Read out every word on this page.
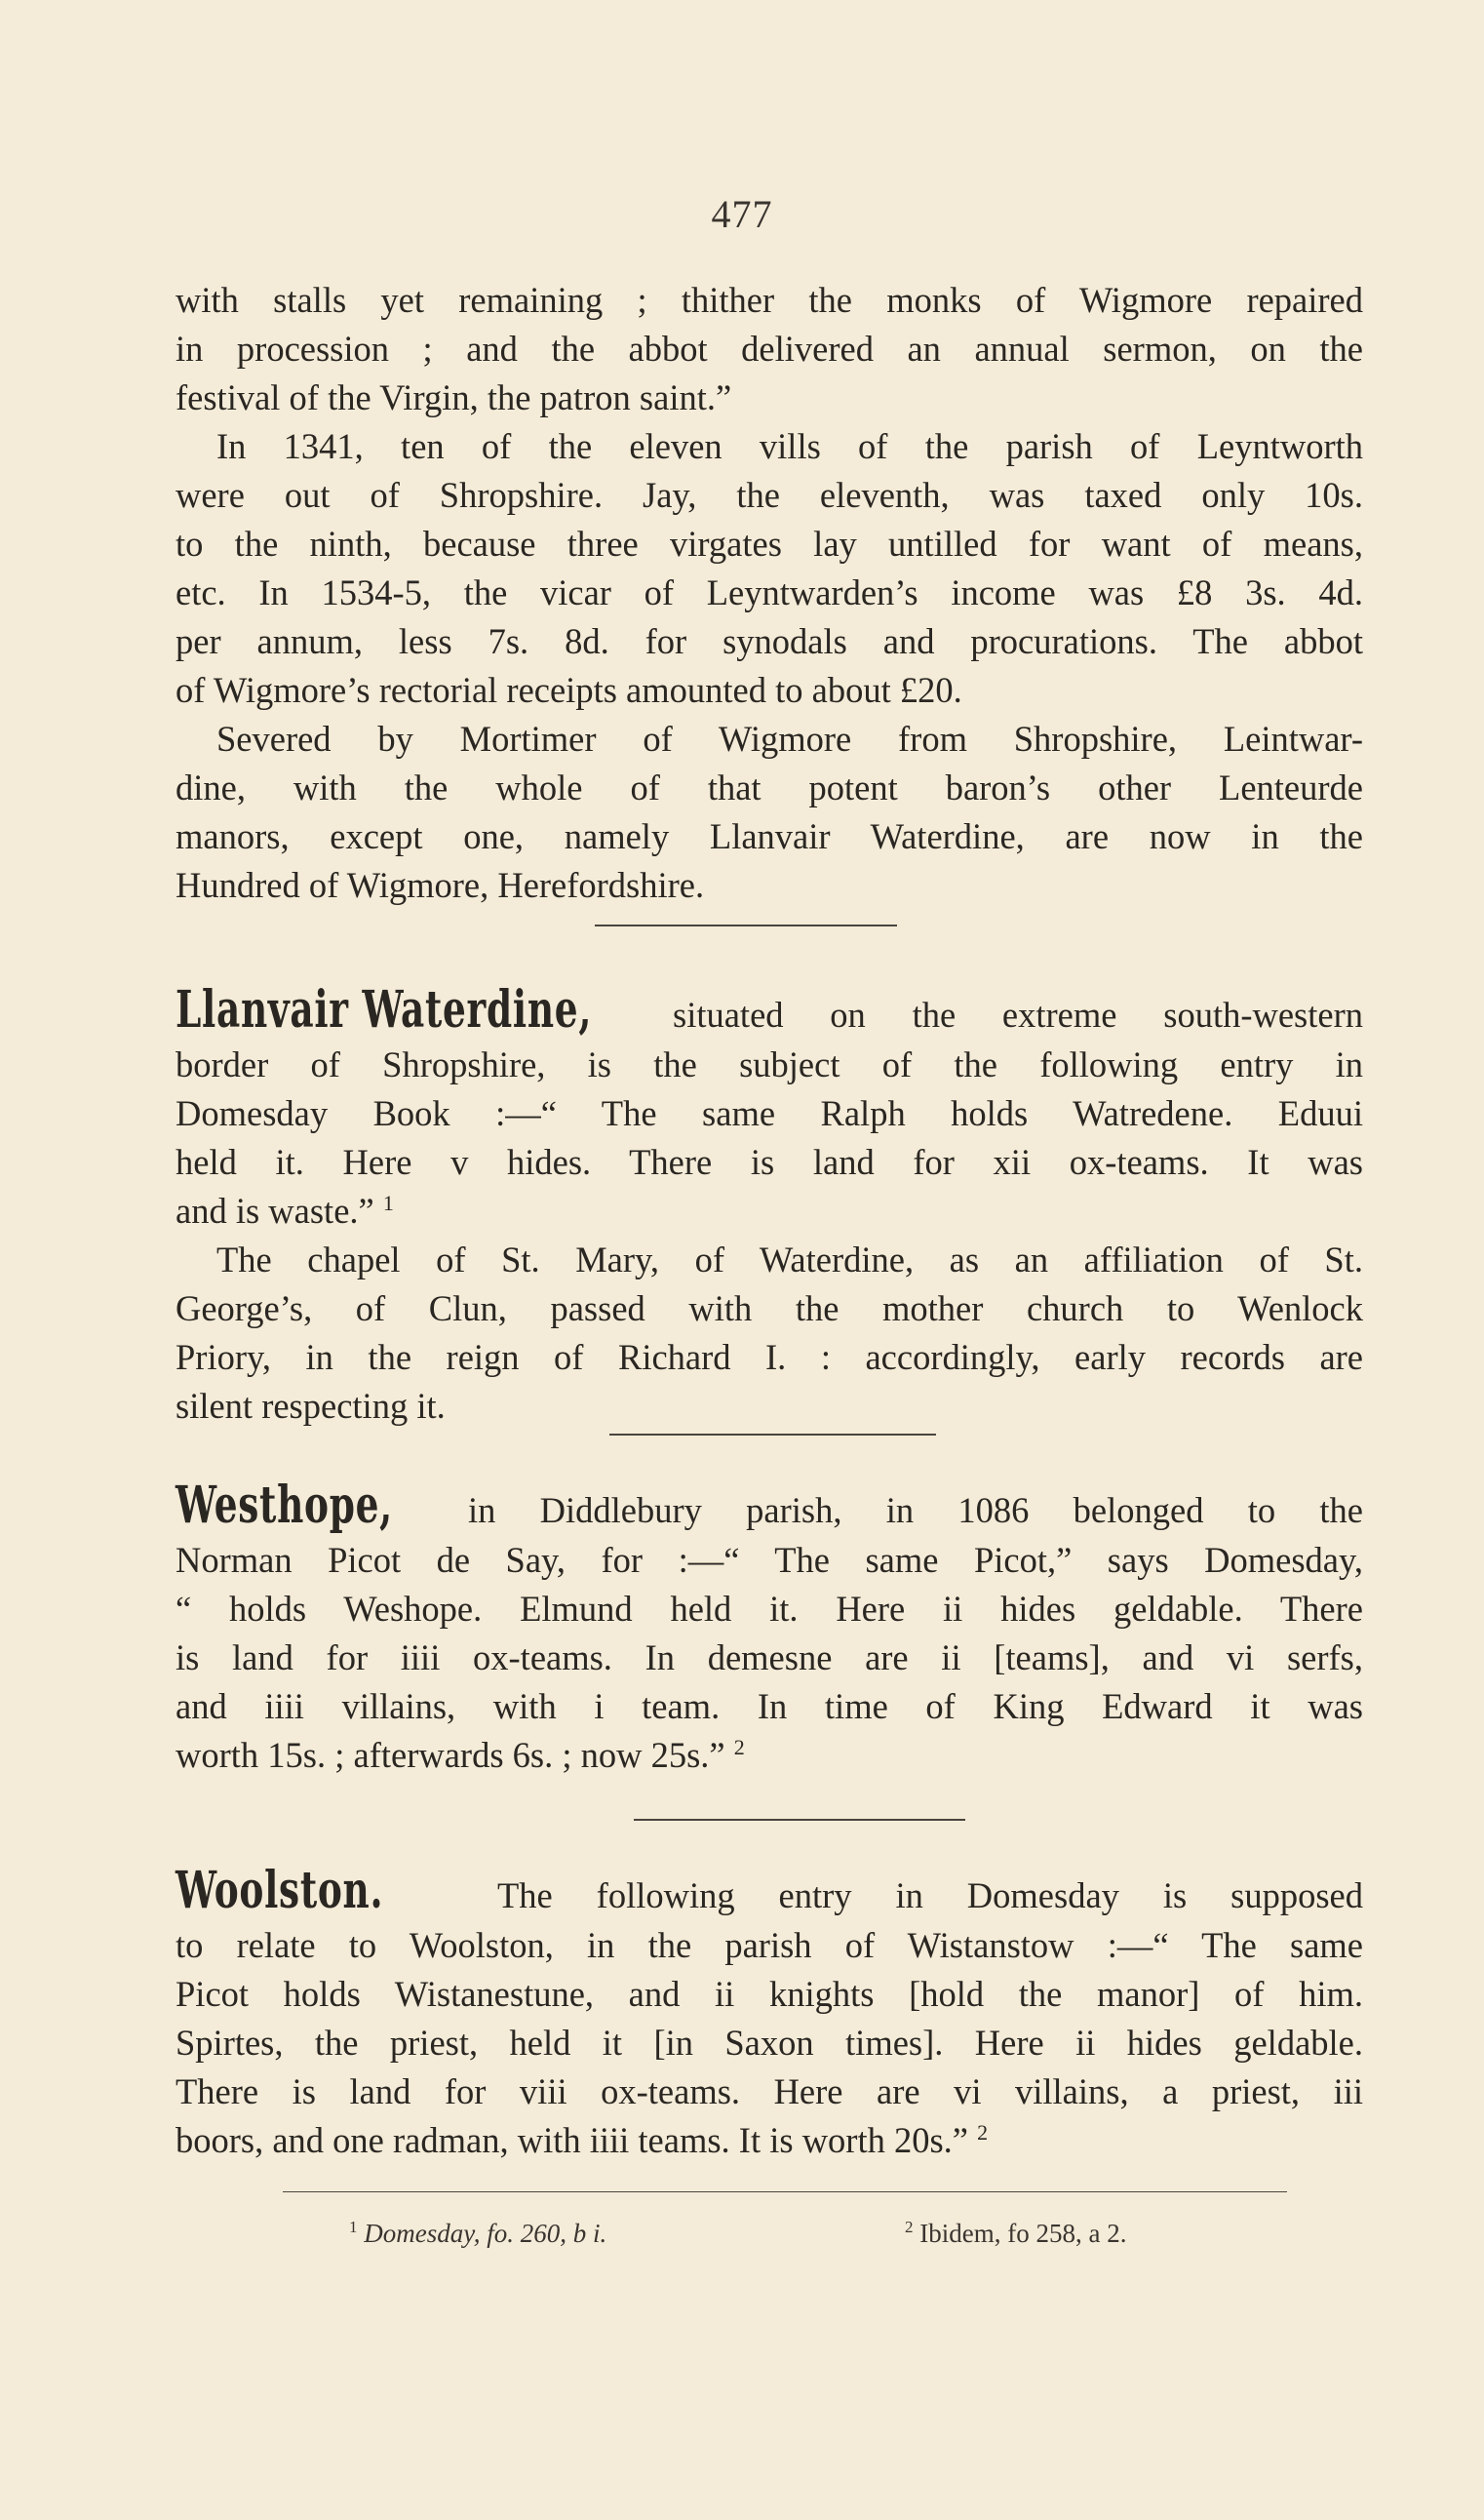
477
with stalls yet remaining ; thither the monks of Wigmore repaired
in procession ; and the abbot delivered an annual sermon, on the
festival of the Virgin, the patron saint.”
In 1341, ten of the eleven vills of the parish of Leyntworth
were out of Shropshire. Jay, the eleventh, was taxed only 10s.
to the ninth, because three virgates lay untilled for want of means,
etc. In 1534-5, the vicar of Leyntwarden’s income was £8 3s. 4d.
per annum, less 7s. 8d. for synodals and procurations. The abbot
of Wigmore’s rectorial receipts amounted to about £20.
Severed by Mortimer of Wigmore from Shropshire, Leintwar-
dine, with the whole of that potent baron’s other Lenteurde
manors, except one, namely Llanvair Waterdine, are now in the
Hundred of Wigmore, Herefordshire.
Llanvair Waterdine, situated on the extreme south-western
border of Shropshire, is the subject of the following entry in
Domesday Book :—“ The same Ralph holds Watredene. Eduui
held it. Here v hides. There is land for xii ox-teams. It was
and is waste.” $^1$
The chapel of St. Mary, of Waterdine, as an affiliation of St.
George’s, of Clun, passed with the mother church to Wenlock
Priory, in the reign of Richard I. : accordingly, early records are
silent respecting it.
Westhope, in Diddlebury parish, in 1086 belonged to the
Norman Picot de Say, for :—“ The same Picot,” says Domesday,
“ holds Weshope. Elmund held it. Here ii hides geldable. There
is land for iiii ox-teams. In demesne are ii [teams], and vi serfs,
and iiii villains, with i team. In time of King Edward it was
worth 15s. ; afterwards 6s. ; now 25s.” $^2$
Woolston.	The following entry in Domesday is supposed
to relate to Woolston, in the parish of Wistanstow :—“ The same
Picot holds Wistanestune, and ii knights [hold the manor] of him.
Spirtes, the priest, held it [in Saxon times]. Here ii hides geldable.
There is land for viii ox-teams. Here are vi villains, a priest, iii
boors, and one radman, with iiii teams. It is worth 20s.” $^2$
$^1$ Domesday, fo. 260, b i.	$^2$ Ibidem, fo 258, a 2.
